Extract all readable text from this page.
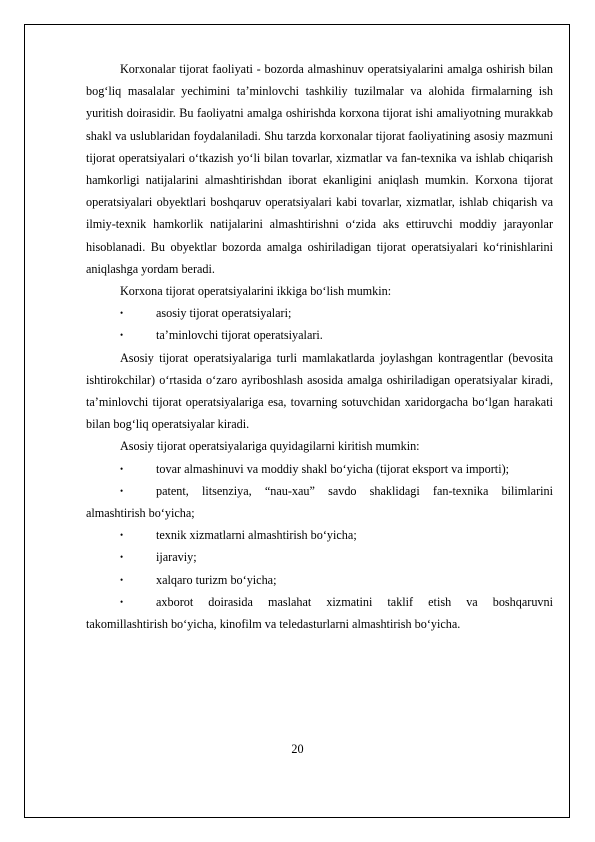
Korxonalar tijorat faoliyati - bozorda almashinuv operatsiyalarini amalga oshirish bilan bog‘liq masalalar yechimini ta’minlovchi tashkiliy tuzilmalar va alohida firmalarning ish yuritish doirasidir. Bu faoliyatni amalga oshirishda korxona tijorat ishi amaliyotning murakkab shakl va uslublaridan foydalaniladi. Shu tarzda korxonalar tijorat faoliyatining asosiy mazmuni tijorat operatsiyalari o‘tkazish yo‘li bilan tovarlar, xizmatlar va fan-texnika va ishlab chiqarish hamkorligi natijalarini almashtirishdan iborat ekanligini aniqlash mumkin. Korxona tijorat operatsiyalari obyektlari boshqaruv operatsiyalari kabi tovarlar, xizmatlar, ishlab chiqarish va ilmiy-texnik hamkorlik natijalarini almashtirishni o‘zida aks ettiruvchi moddiy jarayonlar hisoblanadi. Bu obyektlar bozorda amalga oshiriladigan tijorat operatsiyalari ko‘rinishlarini aniqlashga yordam beradi.

Korxona tijorat operatsiyalarini ikkiga bo‘lish mumkin:

•	asosiy tijorat operatsiyalari;

•	ta’minlovchi tijorat operatsiyalari.

Asosiy tijorat operatsiyalariga turli mamlakatlarda joylashgan kontragentlar (bevosita ishtirokchilar) o‘rtasida o‘zaro ayriboshlash asosida amalga oshiriladigan operatsiyalar kiradi, ta’minlovchi tijorat operatsiyalariga esa, tovarning sotuvchidan xaridorgacha bo‘lgan harakati bilan bog‘liq operatsiyalar kiradi.

Asosiy tijorat operatsiyalariga quyidagilarni kiritish mumkin:

•	tovar almashinuvi va moddiy shakl bo‘yicha (tijorat eksport va importi);

•	patent, litsenziya, “nau-xau” savdo shaklidagi fan-texnika bilimlarini almashtirish bo‘yicha;

•	texnik xizmatlarni almashtirish bo‘yicha;

•	ijaraviy;

•	xalqaro turizm bo‘yicha;

•	axborot doirasida maslahat xizmatini taklif etish va boshqaruvni takomillashtirish bo‘yicha, kinofilm va teledasturlarni almashtirish bo‘yicha.

20
